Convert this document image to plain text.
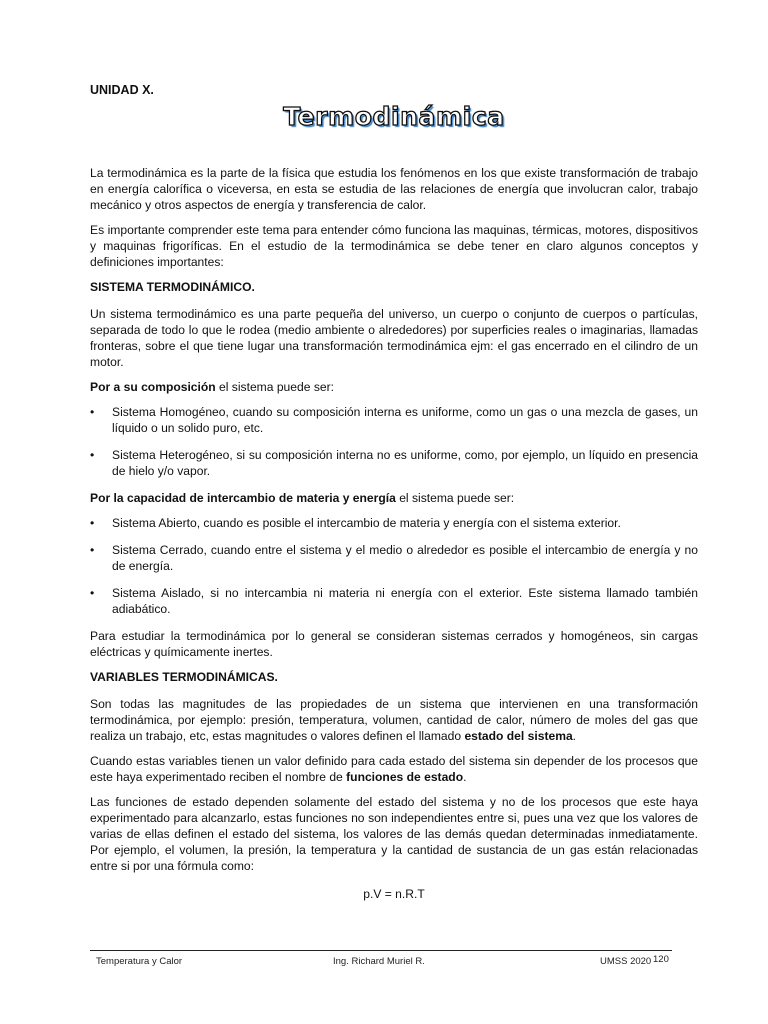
UNIDAD X.
Termodinámica

La termodinámica es la parte de la física que estudia los fenómenos en los que existe transformación de trabajo en energía calorífica o viceversa, en esta se estudia de las relaciones de energía que involucran calor, trabajo mecánico y otros aspectos de energía y transferencia de calor.

Es importante comprender este tema para entender cómo funciona las maquinas, térmicas, motores, dispositivos y maquinas frigoríficas. En el estudio de la termodinámica se debe tener en claro algunos conceptos y definiciones importantes:

SISTEMA TERMODINÁMICO.

Un sistema termodinámico es una parte pequeña del universo, un cuerpo o conjunto de cuerpos o partículas, separada de todo lo que le rodea (medio ambiente o alrededores) por superficies reales o imaginarias, llamadas fronteras, sobre el que tiene lugar una transformación termodinámica ejm: el gas encerrado en el cilindro de un motor.

Por a su composición el sistema puede ser:

• Sistema Homogéneo, cuando su composición interna es uniforme, como un gas o una mezcla de gases, un líquido o un solido puro, etc.
• Sistema Heterogéneo, si su composición interna no es uniforme, como, por ejemplo, un líquido en presencia de hielo y/o vapor.

Por la capacidad de intercambio de materia y energía el sistema puede ser:

• Sistema Abierto, cuando es posible el intercambio de materia y energía con el sistema exterior.
• Sistema Cerrado, cuando entre el sistema y el medio o alrededor es posible el intercambio de energía y no de energía.
• Sistema Aislado, si no intercambia ni materia ni energía con el exterior. Este sistema llamado también adiabático.

Para estudiar la termodinámica por lo general se consideran sistemas cerrados y homogéneos, sin cargas eléctricas y químicamente inertes.

VARIABLES TERMODINÁMICAS.

Son todas las magnitudes de las propiedades de un sistema que intervienen en una transformación termodinámica, por ejemplo: presión, temperatura, volumen, cantidad de calor, número de moles del gas que realiza un trabajo, etc, estas magnitudes o valores definen el llamado estado del sistema.

Cuando estas variables tienen un valor definido para cada estado del sistema sin depender de los procesos que este haya experimentado reciben el nombre de funciones de estado.

Las funciones de estado dependen solamente del estado del sistema y no de los procesos que este haya experimentado para alcanzarlo, estas funciones no son independientes entre si, pues una vez que los valores de varias de ellas definen el estado del sistema, los valores de las demás quedan determinadas inmediatamente. Por ejemplo, el volumen, la presión, la temperatura y la cantidad de sustancia de un gas están relacionadas entre si por una fórmula como:

p.V = n.R.T
Temperatura y Calor	Ing. Richard Muriel R.	UMSS 2020 120
